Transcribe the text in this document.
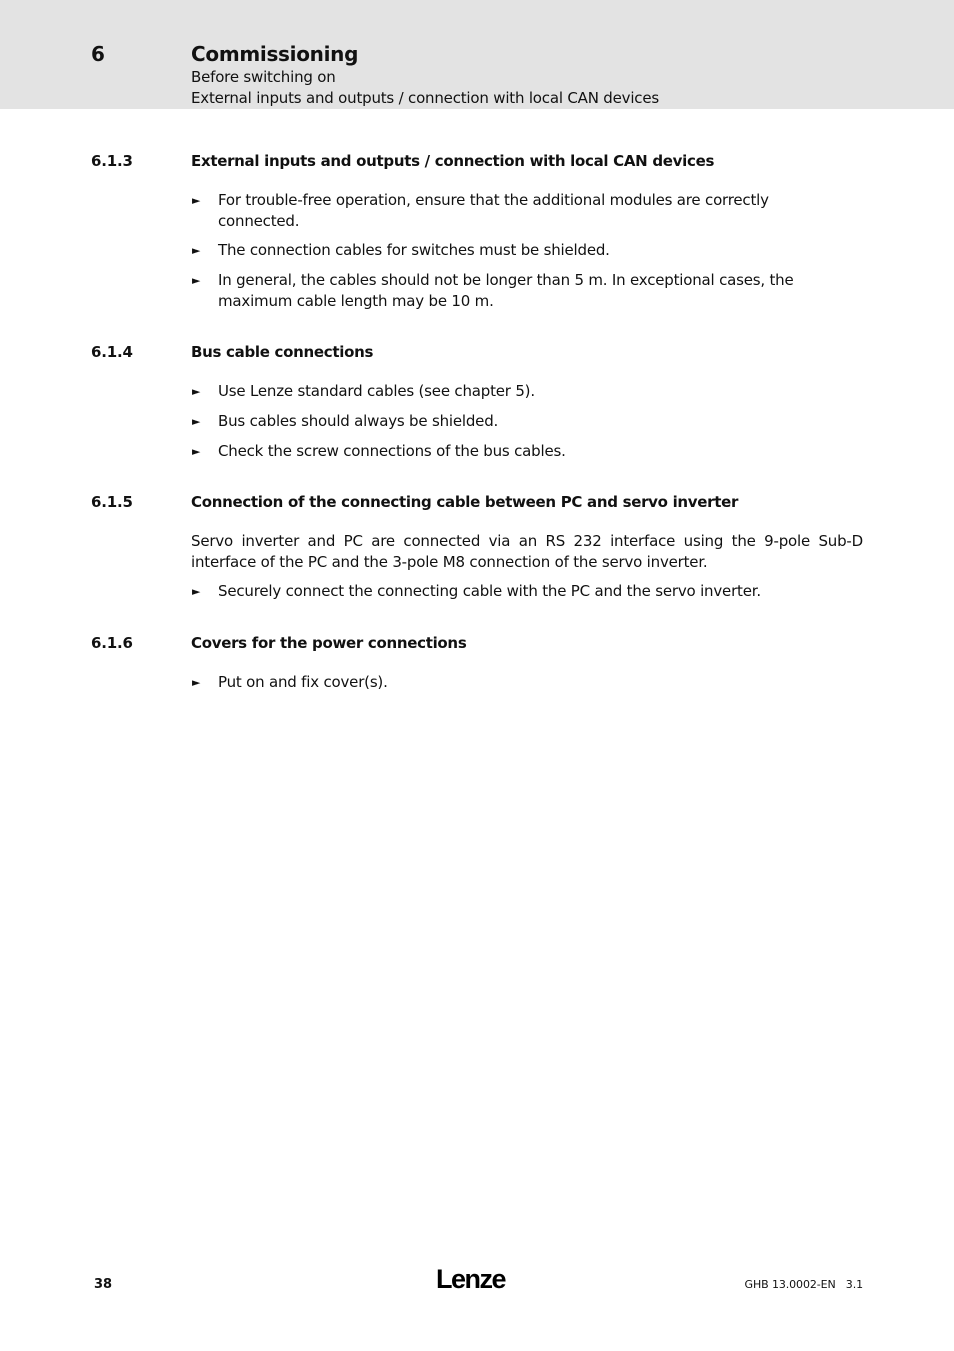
6	Commissioning
Before switching on
External inputs and outputs / connection with local CAN devices
6.1.3	External inputs and outputs / connection with local CAN devices
► For trouble-free operation, ensure that the additional modules are correctly connected.
► The connection cables for switches must be shielded.
► In general, the cables should not be longer than 5 m. In exceptional cases, the maximum cable length may be 10 m.
6.1.4	Bus cable connections
► Use Lenze standard cables (see chapter 5).
► Bus cables should always be shielded.
► Check the screw connections of the bus cables.
6.1.5	Connection of the connecting cable between PC and servo inverter
Servo inverter and PC are connected via an RS 232 interface using the 9-pole Sub-D interface of the PC and the 3-pole M8 connection of the servo inverter.
► Securely connect the connecting cable with the PC and the servo inverter.
6.1.6	Covers for the power connections
► Put on and fix cover(s).
38	Lenze	GHB 13.0002-EN   3.1
